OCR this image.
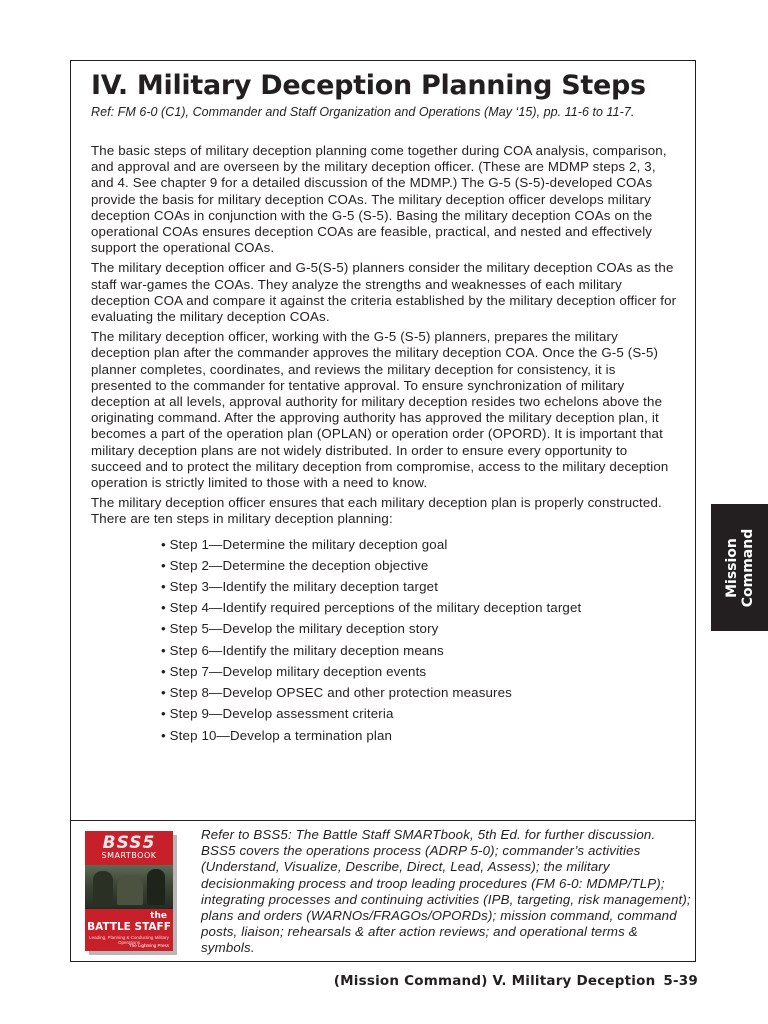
IV. Military Deception Planning Steps

Ref: FM 6-0 (C1), Commander and Staff Organization and Operations (May ‘15), pp. 11-6 to 11-7.

The basic steps of military deception planning come together during COA analysis, comparison, and approval and are overseen by the military deception officer. (These are MDMP steps 2, 3, and 4. See chapter 9 for a detailed discussion of the MDMP.) The G-5 (S-5)-developed COAs provide the basis for military deception COAs. The military deception officer develops military deception COAs in conjunction with the G-5 (S-5). Basing the military deception COAs on the operational COAs ensures deception COAs are feasible, practical, and nested and effectively support the operational COAs.

The military deception officer and G-5(S-5) planners consider the military deception COAs as the staff war-games the COAs. They analyze the strengths and weaknesses of each military deception COA and compare it against the criteria established by the military deception officer for evaluating the military deception COAs.

The military deception officer, working with the G-5 (S-5) planners, prepares the military deception plan after the commander approves the military deception COA. Once the G-5 (S-5) planner completes, coordinates, and reviews the military deception for consistency, it is presented to the commander for tentative approval. To ensure synchronization of military deception at all levels, approval authority for military deception resides two echelons above the originating command. After the approving authority has approved the military deception plan, it becomes a part of the operation plan (OPLAN) or operation order (OPORD). It is important that military deception plans are not widely distributed. In order to ensure every opportunity to succeed and to protect the military deception from compromise, access to the military deception operation is strictly limited to those with a need to know.

The military deception officer ensures that each military deception plan is properly constructed. There are ten steps in military deception planning:

• Step 1—Determine the military deception goal
• Step 2—Determine the deception objective
• Step 3—Identify the military deception target
• Step 4—Identify required perceptions of the military deception target
• Step 5—Develop the military deception story
• Step 6—Identify the military deception means
• Step 7—Develop military deception events
• Step 8—Develop OPSEC and other protection measures
• Step 9—Develop assessment criteria
• Step 10—Develop a termination plan
BSS5
SMARTBOOK
the
BATTLE STAFF
Leading, Planning & Conducting Military Operations
The Lightning Press

Refer to BSS5: The Battle Staff SMARTbook, 5th Ed. for further discussion. BSS5 covers the operations process (ADRP 5-0); commander’s activities (Understand, Visualize, Describe, Direct, Lead, Assess); the military decisionmaking process and troop leading procedures (FM 6-0: MDMP/TLP); integrating processes and continuing activities (IPB, targeting, risk management); plans and orders (WARNOs/FRAGOs/OPORDs); mission command, command posts, liaison; rehearsals & after action reviews; and operational terms & symbols.

Mission Command
(Mission Command) V. Military Deception 5-39
